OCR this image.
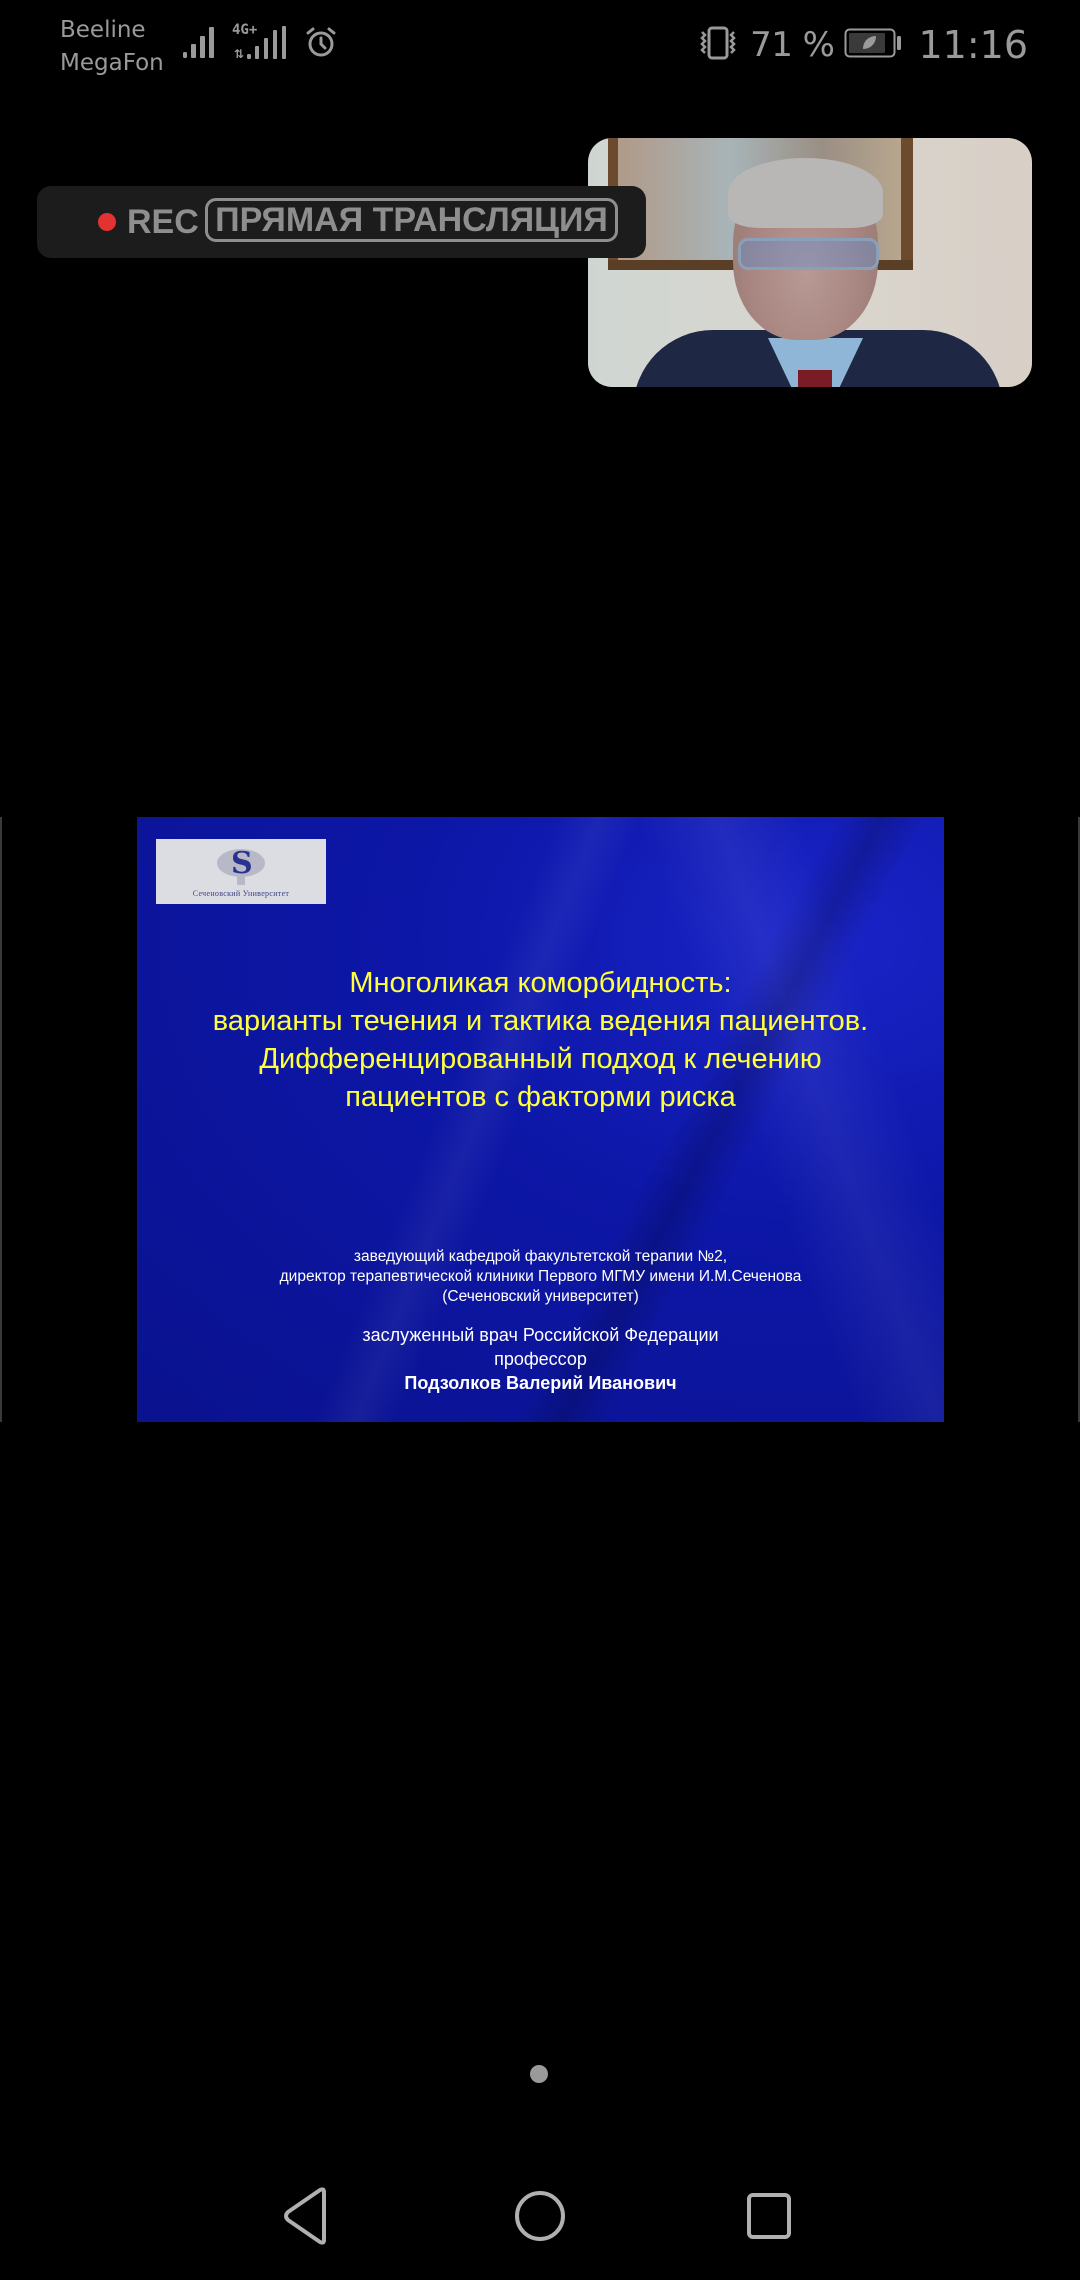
Beeline
MegaFon
4G+
⇅	71 % 11:16
REC ПРЯМАЯ ТРАНСЛЯЦИЯ
S
Сеченовский Университет
Многоликая коморбидность:
варианты течения и тактика ведения пациентов.
Дифференцированный подход к лечению
пациентов с факторми риска
заведующий кафедрой факультетской терапии №2,
директор терапевтической клиники Первого МГМУ имени И.М.Сеченова
(Сеченовский университет)
заслуженный врач Российской Федерации
профессор
Подзолков Валерий Иванович
